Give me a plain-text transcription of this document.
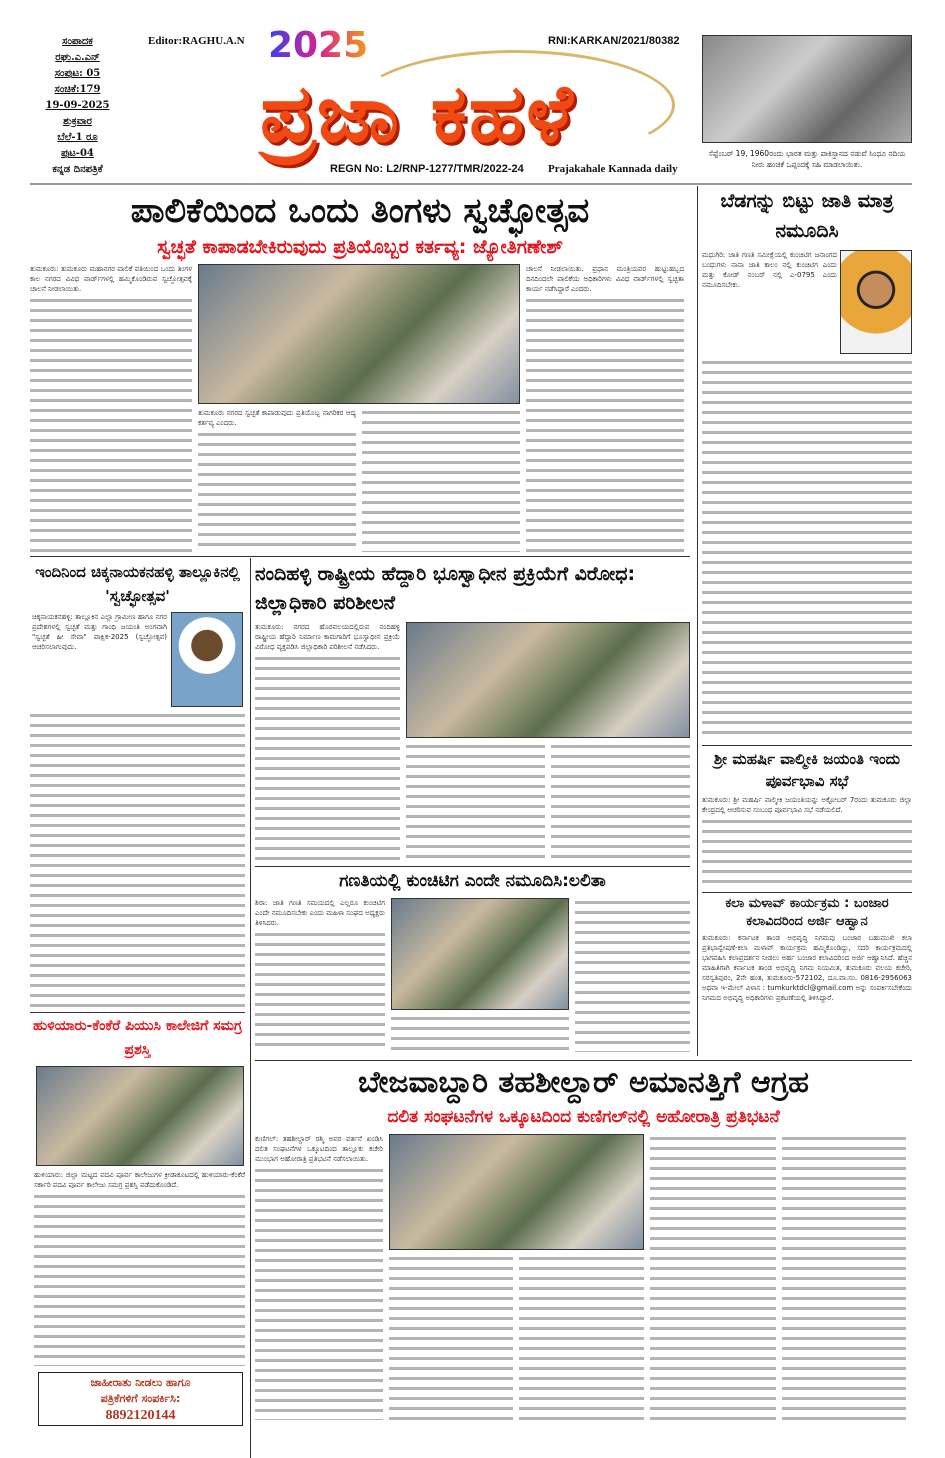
ಸಂಪಾದಕ
ರಘು.ಎ.ಎನ್
ಸಂಪುಟ: 05
ಸಂಚಿಕೆ:179
19-09-2025
ಶುಕ್ರವಾರ
ಬೆಲೆ-1 ರೂ
ಪುಟ-04
ಕನ್ನಡ ದಿನಪತ್ರಿಕೆ
Editor:RAGHU.A.N	RNI:KARKAN/2021/80382
2025
ಪ್ರಜಾ ಕಹಳೆ
REGN No: L2/RNP-1277/TMR/2022-24 Prajakahale Kannada daily
ಸೆಪ್ಟೆಂಬರ್ 19, 1960ರಂದು ಭಾರತ ಮತ್ತು ಪಾಕಿಸ್ತಾನದ ನಡುವೆ ಸಿಂಧೂ ನದಿಯ ನೀರು ಹಂಚಿಕೆ ಒಪ್ಪಂದಕ್ಕೆ ಸಹಿ ಮಾಡಲಾಯಿತು.
ಪಾಲಿಕೆಯಿಂದ ಒಂದು ತಿಂಗಳು ಸ್ವಚ್ಛೋತ್ಸವ
ಸ್ವಚ್ಛತೆ ಕಾಪಾಡಬೇಕಿರುವುದು ಪ್ರತಿಯೊಬ್ಬರ ಕರ್ತವ್ಯ: ಜ್ಯೋತಿಗಣೇಶ್
ತುಮಕೂರು: ತುಮಕೂರು ಮಹಾನಗರ ಪಾಲಿಕೆ ವತಿಯಿಂದ ಒಂದು ತಿಂಗಳ ಕಾಲ ನಗರದ ವಿವಿಧ ವಾರ್ಡ್‌ಗಳಲ್ಲಿ ಹಮ್ಮಿಕೊಂಡಿರುವ ಸ್ವಚ್ಛೋತ್ಸವಕ್ಕೆ ಚಾಲನೆ ನೀಡಲಾಯಿತು.
ತುಮಕೂರು ನಗರದ ಸ್ವಚ್ಛತೆ ಕಾಪಾಡುವುದು ಪ್ರತಿಯೊಬ್ಬ ನಾಗರಿಕರ ಆದ್ಯ ಕರ್ತವ್ಯ ಎಂದರು.
ಚಾಲನೆ ನೀಡಲಾಯಿತು. ಪ್ರಧಾನ ಮಂತ್ರಿಯವರ ಹುಟ್ಟುಹಬ್ಬದ ದಿನದಿಂದಲೇ ಪಾಲಿಕೆಯ ಅಧಿಕಾರಿಗಳು ವಿವಿಧ ವಾರ್ಡ್‌ಗಳಲ್ಲಿ ಸ್ವಚ್ಛತಾ ಕಾರ್ಯ ನಡೆಸಿದ್ದಾರೆ ಎಂದರು.
ಬೆಡಗನ್ನು ಬಿಟ್ಟು ಜಾತಿ ಮಾತ್ರ ನಮೂದಿಸಿ
ಮಧುಗಿರಿ: ಜಾತಿ ಗಣತಿ ಸಮೀಕ್ಷೆಯಲ್ಲಿ ಕುಂಚಿಟಿಗ ಜನಾಂಗದ ಬಂಧುಗಳು ನಾನಾ ಜಾತಿ ಕಾಲಂ ನಲ್ಲಿ ಕುಂಚಿಟಿಗ ಎಂದು ಮತ್ತು ಕೋಡ್ ನಂಬರ್ ನಲ್ಲಿ ಎ-0795 ಎಂದು ನಮೂದಿಸಬೇಕು.
ಶ್ರೀ ಮಹರ್ಷಿ ವಾಲ್ಮೀಕಿ ಜಯಂತಿ ಇಂದು ಪೂರ್ವಭಾವಿ ಸಭೆ
ತುಮಕೂರು: ಶ್ರೀ ಮಹರ್ಷಿ ವಾಲ್ಮೀಕಿ ಜಯಂತಿಯನ್ನು ಅಕ್ಟೋಬರ್ 7ರಂದು ತುಮಕೂರು ಜಿಲ್ಲಾ ಕೇಂದ್ರದಲ್ಲಿ ಆಚರಿಸುವ ಸಂಬಂಧ ಪೂರ್ವಭಾವಿ ಸಭೆ ನಡೆಯಲಿದೆ.
ಕಲಾ ಮಳಾವ್ ಕಾರ್ಯಕ್ರಮ : ಬಂಜಾರ ಕಲಾವಿದರಿಂದ ಅರ್ಜಿ ಆಹ್ವಾನ
ತುಮಕೂರು: ಕರ್ನಾಟಕ ತಾಂಡ ಅಭಿವೃದ್ಧಿ ನಿಗಮವು ಬಂಜಾರ ಬಹುಮುಖಿ ಕಲಾ ಪ್ರತಿಭಾನ್ವೇಷಣೆ-ಕಲಾ ಮಳಾವ್ ಕಾರ್ಯಕ್ರಮ ಹಮ್ಮಿಕೊಂಡಿದ್ದು, ಸದರಿ ಕಾರ್ಯಕ್ರಮದಲ್ಲಿ ಭಾಗವಹಿಸಿ ಕಲಾಪ್ರದರ್ಶನ ನೀಡಲು ಅರ್ಹ ಬಂಜಾರ ಕಲಾವಿದರಿಂದ ಅರ್ಜಿ ಆಹ್ವಾನಿಸಿದೆ. ಹೆಚ್ಚಿನ ಮಾಹಿತಿಗಾಗಿ ಕರ್ನಾಟಕ ತಾಂಡ ಅಭಿವೃದ್ಧಿ ನಿಗಮ ನಿಯಮಿತ, ತುಮಕೂರು ವಲಯ ಕಚೇರಿ, ಸರಸ್ವತಿಪುರಂ, 2ನೇ ಹಂತ, ತುಮಕೂರು-572102, ದೂ.ವಾ.ಸಂ. 0816-2956063 ಅಥವಾ ಇ-ಮೇಲ್ ವಿಳಾಸ : tumkurktdcl@gmail.com ಅನ್ನು ಸಂಪರ್ಕಿಸಬೇಕೆಂದು ನಿಗಮದ ಅಭಿವೃದ್ಧಿ ಅಧಿಕಾರಿಗಳು ಪ್ರಕಟಣೆಯಲ್ಲಿ ತಿಳಿಸಿದ್ದಾರೆ.
ಇಂದಿನಿಂದ ಚಿಕ್ಕನಾಯಕನಹಳ್ಳಿ ತಾಲ್ಲೂಕಿನಲ್ಲಿ 'ಸ್ವಚ್ಛೋತ್ಸವ'
ಚಿಕ್ಕನಾಯಕನಹಳ್ಳಿ: ತಾಲ್ಲೂಕಿನ ಎಲ್ಲಾ ಗ್ರಾಮೀಣ ಹಾಗೂ ನಗರ ಪ್ರದೇಶಗಳಲ್ಲಿ ಸ್ವಚ್ಛತೆ ಮತ್ತು ಗಾಂಧಿ ಜಯಂತಿ ಅಂಗವಾಗಿ "ಸ್ವಚ್ಛತೆ ಹೀ ಸೇವಾ" ಪಾಕ್ಷಿಕ-2025 (ಸ್ವಚ್ಛೋತ್ಸವ) ಆಚರಿಸಲಾಗುವುದು.
ನಂದಿಹಳ್ಳಿ ರಾಷ್ಟ್ರೀಯ ಹೆದ್ದಾರಿ ಭೂಸ್ವಾಧೀನ ಪ್ರಕ್ರಿಯೆಗೆ ವಿರೋಧ: ಜಿಲ್ಲಾಧಿಕಾರಿ ಪರಿಶೀಲನೆ
ತುಮಕೂರು: ನಗರದ ಹೊರವಲಯದಲ್ಲಿರುವ ನಂದಿಹಳ್ಳಿ ರಾಷ್ಟ್ರೀಯ ಹೆದ್ದಾರಿ ನಿರ್ಮಾಣ ಕಾಮಗಾರಿಗೆ ಭೂಸ್ವಾಧೀನ ಪ್ರಕ್ರಿಯೆ ವಿರೋಧ ವ್ಯಕ್ತಪಡಿಸಿ ಜಿಲ್ಲಾಧಿಕಾರಿ ಪರಿಶೀಲನೆ ನಡೆಸಿದರು.
ಗಣತಿಯಲ್ಲಿ ಕುಂಚಿಟಿಗ ಎಂದೇ ನಮೂದಿಸಿ:ಲಲಿತಾ
ಶಿರಾ: ಜಾತಿ ಗಣತಿ ಸಮಯದಲ್ಲಿ ಎಲ್ಲರೂ ಕುಂಚಿಟಿಗ ಎಂದೇ ನಮೂದಿಸಬೇಕು ಎಂದು ಮಹಿಳಾ ಸಂಘದ ಅಧ್ಯಕ್ಷರು ತಿಳಿಸಿದರು.
ಹುಳಿಯಾರು-ಕೆಂಕೆರೆ ಪಿಯುಸಿ ಕಾಲೇಜಿಗೆ ಸಮಗ್ರ ಪ್ರಶಸ್ತಿ
ಹುಳಿಯಾರು: ಜಿಲ್ಲಾ ಮಟ್ಟದ ಪದವಿ ಪೂರ್ವ ಕಾಲೇಜುಗಳ ಕ್ರೀಡಾಕೂಟದಲ್ಲಿ ಹುಳಿಯಾರು-ಕೆಂಕೆರೆ ಸರ್ಕಾರಿ ಪದವಿ ಪೂರ್ವ ಕಾಲೇಜು ಸಮಗ್ರ ಪ್ರಶಸ್ತಿ ಪಡೆದುಕೊಂಡಿದೆ.
ಜಾಹೀರಾತು ನೀಡಲು ಹಾಗೂ
ಪತ್ರಿಕೆಗಳಿಗೆ ಸಂಪರ್ಕಿಸಿ:
8892120144
ಬೇಜವಾಬ್ದಾರಿ ತಹಶೀಲ್ದಾರ್ ಅಮಾನತ್ತಿಗೆ ಆಗ್ರಹ
ದಲಿತ ಸಂಘಟನೆಗಳ ಒಕ್ಕೂಟದಿಂದ ಕುಣಿಗಲ್‌ನಲ್ಲಿ ಅಹೋರಾತ್ರಿ ಪ್ರತಿಭಟನೆ
ಕುಣಿಗಲ್: ತಹಶೀಲ್ದಾರ್ ರಶ್ಮಿ ಅವರ ವರ್ತನೆ ಖಂಡಿಸಿ ದಲಿತ ಸಂಘಟನೆಗಳ ಒಕ್ಕೂಟದಿಂದ ತಾಲ್ಲೂಕು ಕಚೇರಿ ಮುಂಭಾಗ ಅಹೋರಾತ್ರಿ ಪ್ರತಿಭಟನೆ ನಡೆಸಲಾಯಿತು.
